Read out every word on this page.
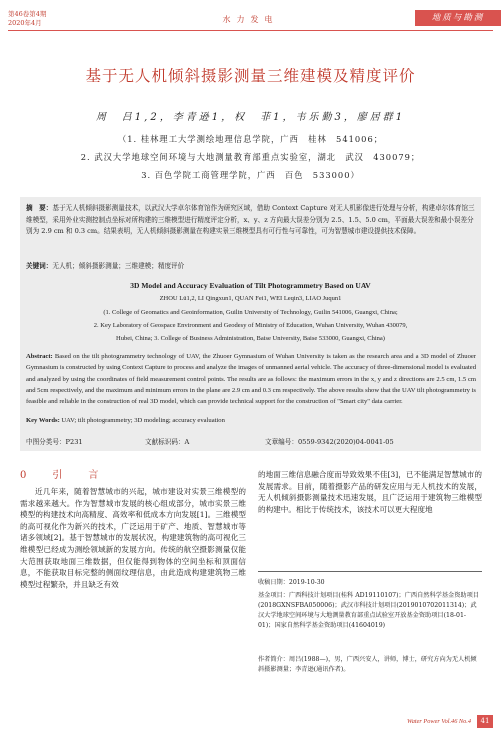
第46卷第4期
2020年4月	水力发电	地质与勘测
基于无人机倾斜摄影测量三维建模及精度评价
周　吕1,2，李青逊1，权　菲1，韦乐勤3，廖居群1
（1. 桂林理工大学测绘地理信息学院，广西　桂林　541006；
2. 武汉大学地球空间环境与大地测量教育部重点实验室，湖北　武汉　430079；
3. 百色学院工商管理学院，广西　百色　533000）
摘　要：基于无人机倾斜摄影测量技术，以武汉大学卓尔体育馆作为研究区域，借助 Context Capture 对无人机影像进行处理与分析，构建卓尔体育馆三维模型，采用外业实测控制点坐标对所构建的三维模型进行精度评定分析，x、y、z 方向最大误差分别为 2.5、1.5、5.0 cm，平面最大误差和最小误差分别为 2.9 cm 和 0.3 cm。结果表明，无人机倾斜摄影测量在构建实景三维模型具有可行性与可靠性，可为智慧城市建设提供技术保障。
关键词：无人机；倾斜摄影测量；三维建模；精度评价
3D Model and Accuracy Evaluation of Tilt Photogrammetry Based on UAV
ZHOU Lü1,2, LI Qingxun1, QUAN Fei1, WEI Leqin3, LIAO Juqun1
(1. College of Geomatics and Geoinformation, Guilin University of Technology, Guilin 541006, Guangxi, China;
2. Key Laboratory of Geospace Environment and Geodesy of Ministry of Education, Wuhan University, Wuhan 430079,
Hubei, China; 3. College of Business Administration, Baise University, Baise 533000, Guangxi, China)
Abstract: Based on the tilt photogrammetry technology of UAV, the Zhuoer Gymnasium of Wuhan University is taken as the research area and a 3D model of Zhuoer Gymnasium is constructed by using Context Capture to process and analyze the images of unmanned aerial vehicle. The accuracy of three-dimensional model is evaluated and analyzed by using the coordinates of field measurement control points. The results are as follows: the maximum errors in the x, y and z directions are 2.5 cm, 1.5 cm and 5cm respectively, and the maximum and minimum errors in the plane are 2.9 cm and 0.3 cm respectively. The above results show that the UAV tilt photogrammetry is feasible and reliable in the construction of real 3D model, which can provide technical support for the construction of "Smart city" data carrier.
Key Words: UAV; tilt photogrammetry; 3D modeling; accuracy evaluation
中图分类号：P231	文献标识码：A	文章编号：0559-9342(2020)04-0041-05
0　引　言
近几年来，随着智慧城市的兴起，城市建设对实景三维模型的需求越来越大。作为智慧城市发展的核心组成部分，城市实景三维模型的构建技术向高精度、高效率和低成本方向发展[1]。三维模型的高可视化作为新兴的技术，广泛运用于矿产、地质、智慧城市等诸多领域[2]。基于智慧城市的发展状况，构建建筑物的高可视化三维模型已经成为测绘领域新的发展方向。传统的航空摄影测量仅能大范围获取地面三维数据，但仅能得到物体的空间坐标和顶面信息，不能获取目标完整的侧面纹理信息，由此造成构建建筑物三维模型过程繁杂，并且缺乏有效
的地面三维信息融合度而导致效果不佳[3]，已不能满足智慧城市的发展需求。目前，随着摄影产品的研发应用与无人机技术的发展，无人机倾斜摄影测量技术迅速发展，且广泛运用于建筑物三维模型的构建中。相比于传统技术，该技术可以更大程度地
收稿日期：2019-10-30
基金项目：广西科技计划项目(桂科 AD19110107)；广西自然科学基金资助项目(2018GXNSFBA050006)；武汉市科技计划项目(2019010702011314)；武汉大学地球空间环境与大地测量教育部重点试验室开放基金资助项目(18-01-01)；国家自然科学基金资助项目(41604019)
作者简介：周吕(1988—)，男，广西兴安人，讲师，博士，研究方向为无人机倾斜摄影测量；李青逊(通讯作者)。
Water Power Vol.46 No.4	41
